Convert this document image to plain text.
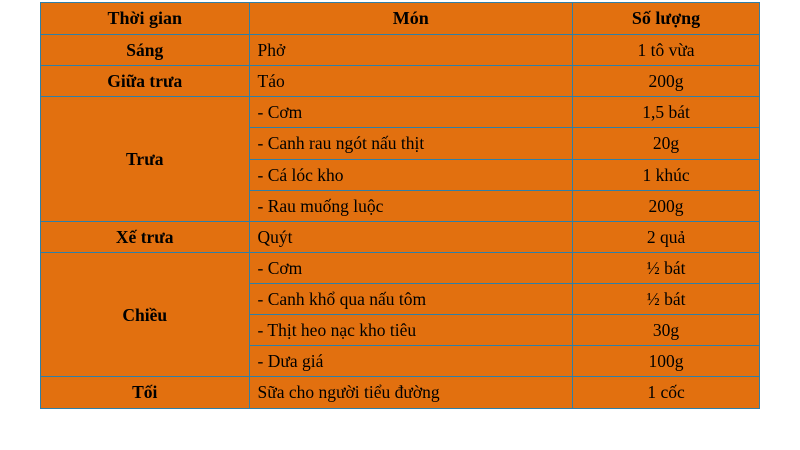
Thời gian	Món	Số lượng
Sáng	Phở	1 tô vừa
Giữa trưa	Táo	200g
Trưa	- Cơm	1,5 bát
	- Canh rau ngót nấu thịt	20g
	- Cá lóc kho	1 khúc
	- Rau muống luộc	200g
Xế trưa	Quýt	2 quả
Chiều	- Cơm	½ bát
	- Canh khổ qua nấu tôm	½ bát
	- Thịt heo nạc kho tiêu	30g
	- Dưa giá	100g
Tối	Sữa cho người tiểu đường	1 cốc
